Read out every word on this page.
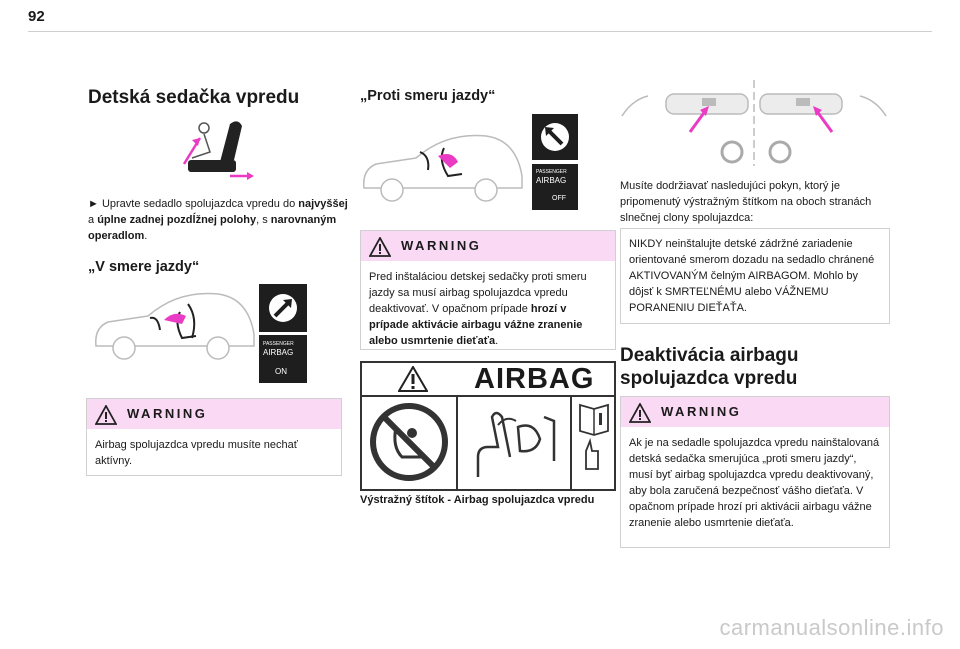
92
Detská sedačka vpredu
► Upravte sedadlo spolujazdca vpredu do najvyššej a úplne zadnej pozdĺžnej polohy, s narovnaným operadlom.
„V smere jazdy“
PASSENGER
AIRBAG
ON
WARNING
Airbag spolujazdca vpredu musíte nechať aktívny.
„Proti smeru jazdy“
PASSENGER
AIRBAG
OFF
WARNING
Pred inštaláciou detskej sedačky proti smeru jazdy sa musí airbag spolujazdca vpredu deaktivovať. V opačnom prípade hrozí v prípade aktivácie airbagu vážne zranenie alebo usmrtenie dieťaťa.
AIRBAG
Výstražný štítok - Airbag spolujazdca vpredu
Musíte dodržiavať nasledujúci pokyn, ktorý je pripomenutý výstražným štítkom na oboch stranách slnečnej clony spolujazdca:
NIKDY neinštalujte detské zádržné zariadenie orientované smerom dozadu na sedadlo chránené AKTIVOVANÝM čelným AIRBAGOM. Mohlo by dôjsť k SMRTEĽNÉMU alebo VÁŽNEMU PORANENIU DIEŤAŤA.
Deaktivácia airbagu spolujazdca vpredu
WARNING
Ak je na sedadle spolujazdca vpredu nainštalovaná detská sedačka smerujúca „proti smeru jazdy“, musí byť airbag spolujazdca vpredu deaktivovaný, aby bola zaručená bezpečnosť vášho dieťaťa. V opačnom prípade hrozí pri aktivácii airbagu vážne zranenie alebo usmrtenie dieťaťa.
carmanualsonline.info
